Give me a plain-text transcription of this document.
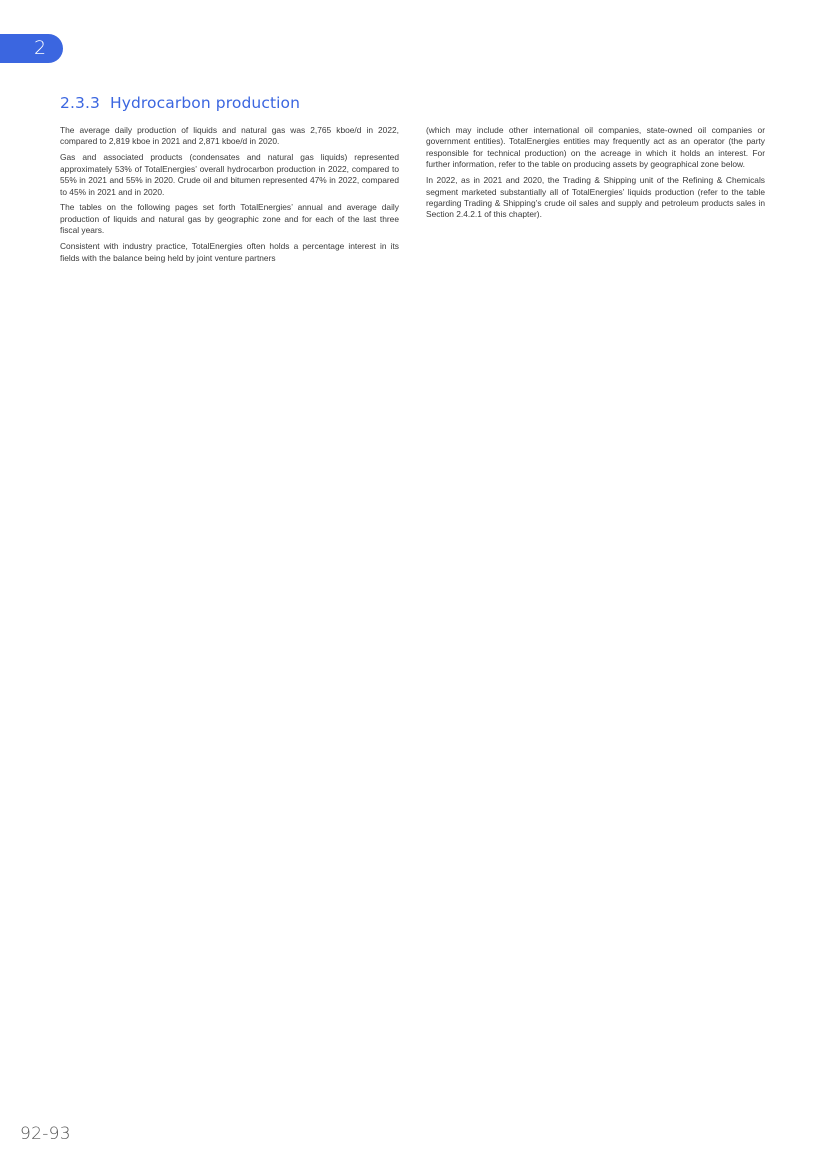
2
2.3.3 Hydrocarbon production

The average daily production of liquids and natural gas was 2,765 kboe/d in 2022, compared to 2,819 kboe in 2021 and 2,871 kboe/d in 2020.

Gas and associated products (condensates and natural gas liquids) represented approximately 53% of TotalEnergies’ overall hydrocarbon production in 2022, compared to 55% in 2021 and 55% in 2020. Crude oil and bitumen represented 47% in 2022, compared to 45% in 2021 and in 2020.

The tables on the following pages set forth TotalEnergies’ annual and average daily production of liquids and natural gas by geographic zone and for each of the last three fiscal years.

Consistent with industry practice, TotalEnergies often holds a percentage interest in its fields with the balance being held by joint venture partners

(which may include other international oil companies, state-owned oil companies or government entities). TotalEnergies entities may frequently act as an operator (the party responsible for technical production) on the acreage in which it holds an interest. For further information, refer to the table on producing assets by geographical zone below.

In 2022, as in 2021 and 2020, the Trading & Shipping unit of the Refining & Chemicals segment marketed substantially all of TotalEnergies’ liquids production (refer to the table regarding Trading & Shipping’s crude oil sales and supply and petroleum products sales in Section 2.4.2.1 of this chapter).

92-93
